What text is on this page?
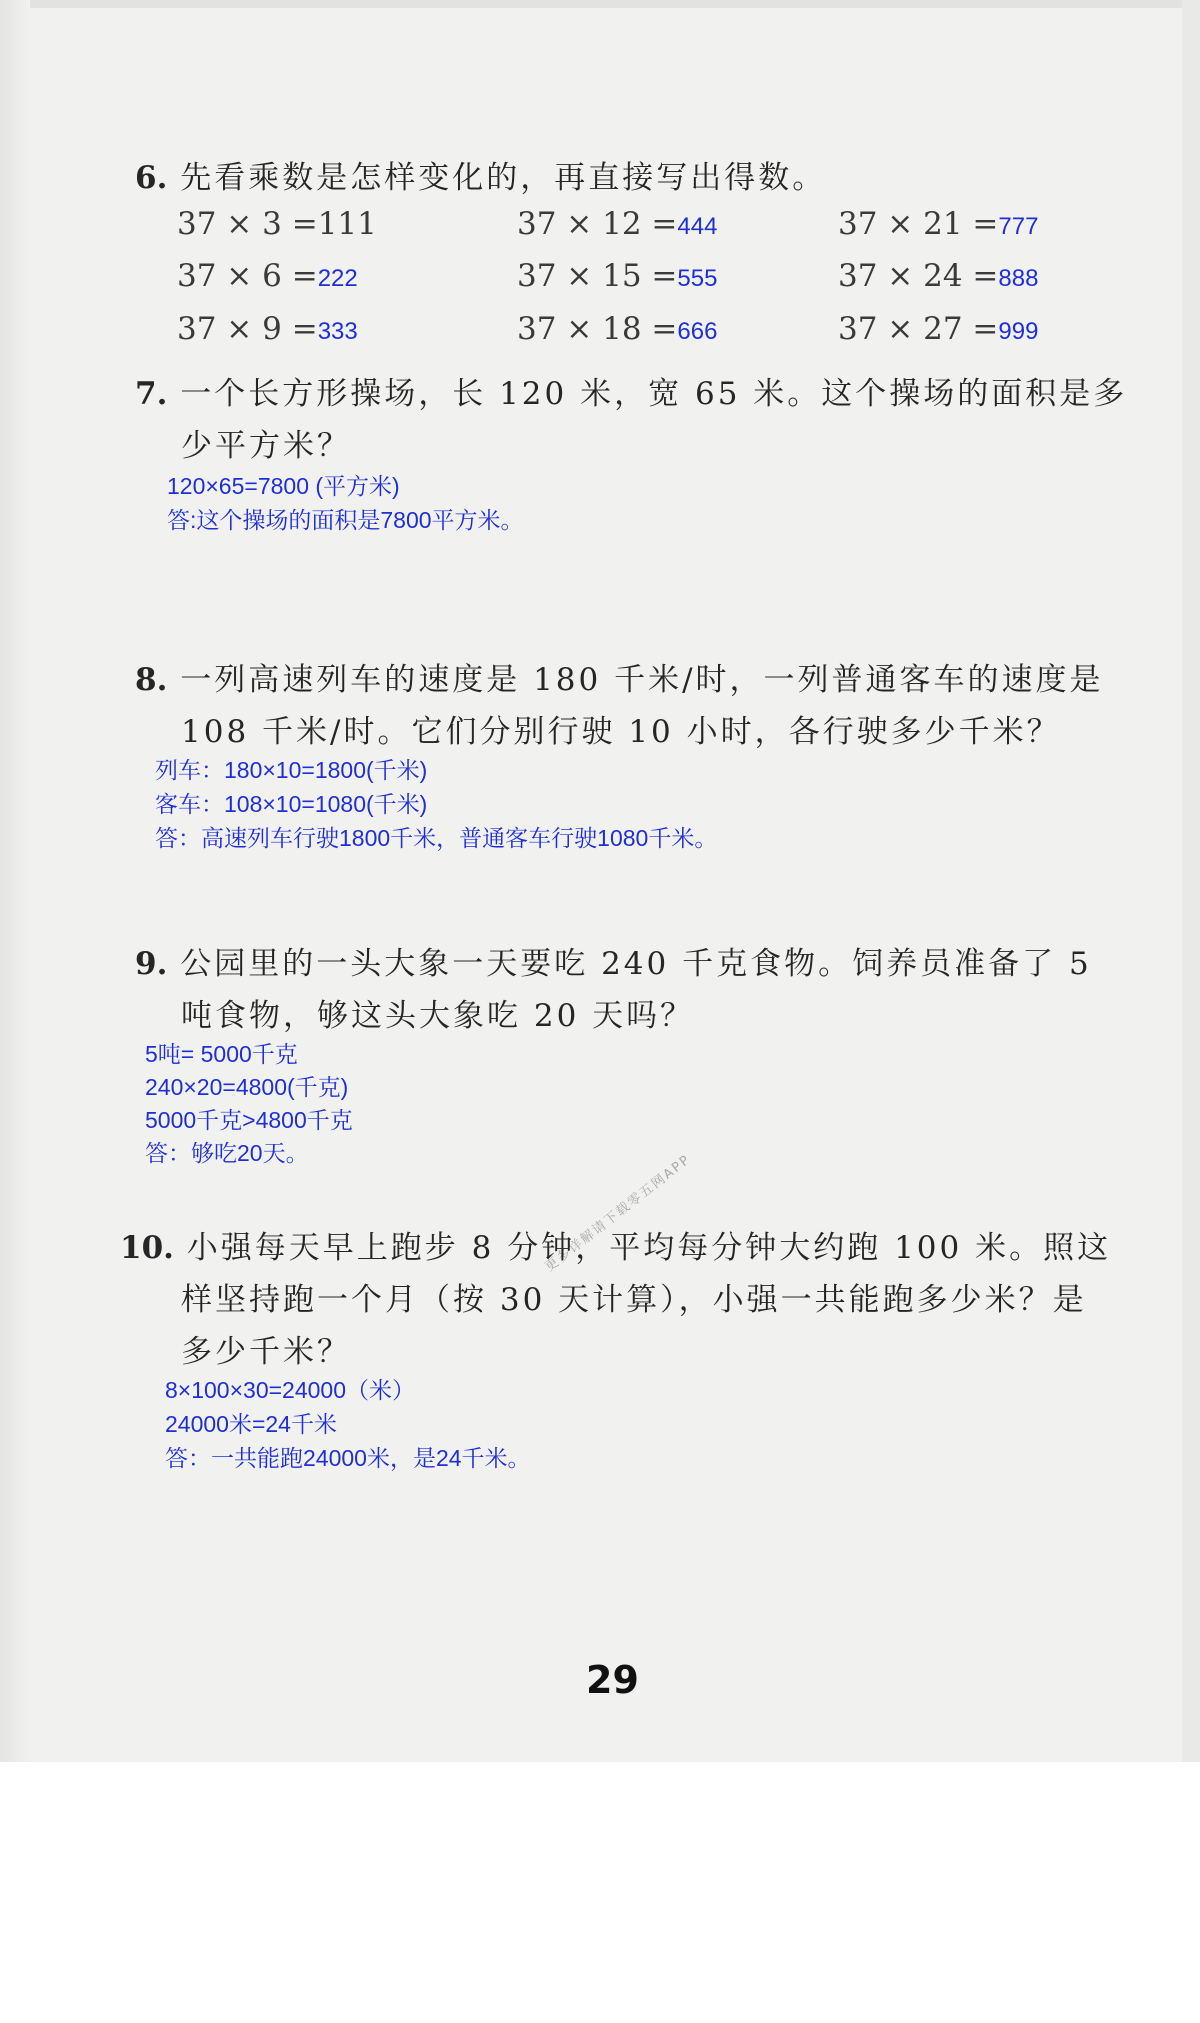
6. 先看乘数是怎样变化的，再直接写出得数。
37 × 3 =111	37 × 12 =444	37 × 21 =777
37 × 6 =222	37 × 15 =555	37 × 24 =888
37 × 9 =333	37 × 18 =666	37 × 27 =999
7. 一个长方形操场，长 120 米，宽 65 米。这个操场的面积是多
少平方米？
120×65=7800 (平方米)
答:这个操场的面积是7800平方米。
8. 一列高速列车的速度是 180 千米/时，一列普通客车的速度是
108 千米/时。它们分别行驶 10 小时，各行驶多少千米？
列车：180×10=1800(千米)
客车：108×10=1080(千米)
答：高速列车行驶1800千米，普通客车行驶1080千米。
9. 公园里的一头大象一天要吃 240 千克食物。饲养员准备了 5
吨食物，够这头大象吃 20 天吗？
5吨= 5000千克
240×20=4800(千克)
5000千克>4800千克
答：够吃20天。	更多详解请下载零五网APP
10. 小强每天早上跑步 8 分钟，平均每分钟大约跑 100 米。照这
样坚持跑一个月（按 30 天计算），小强一共能跑多少米？是
多少千米？
8×100×30=24000（米）
24000米=24千米
答：一共能跑24000米，是24千米。
29
